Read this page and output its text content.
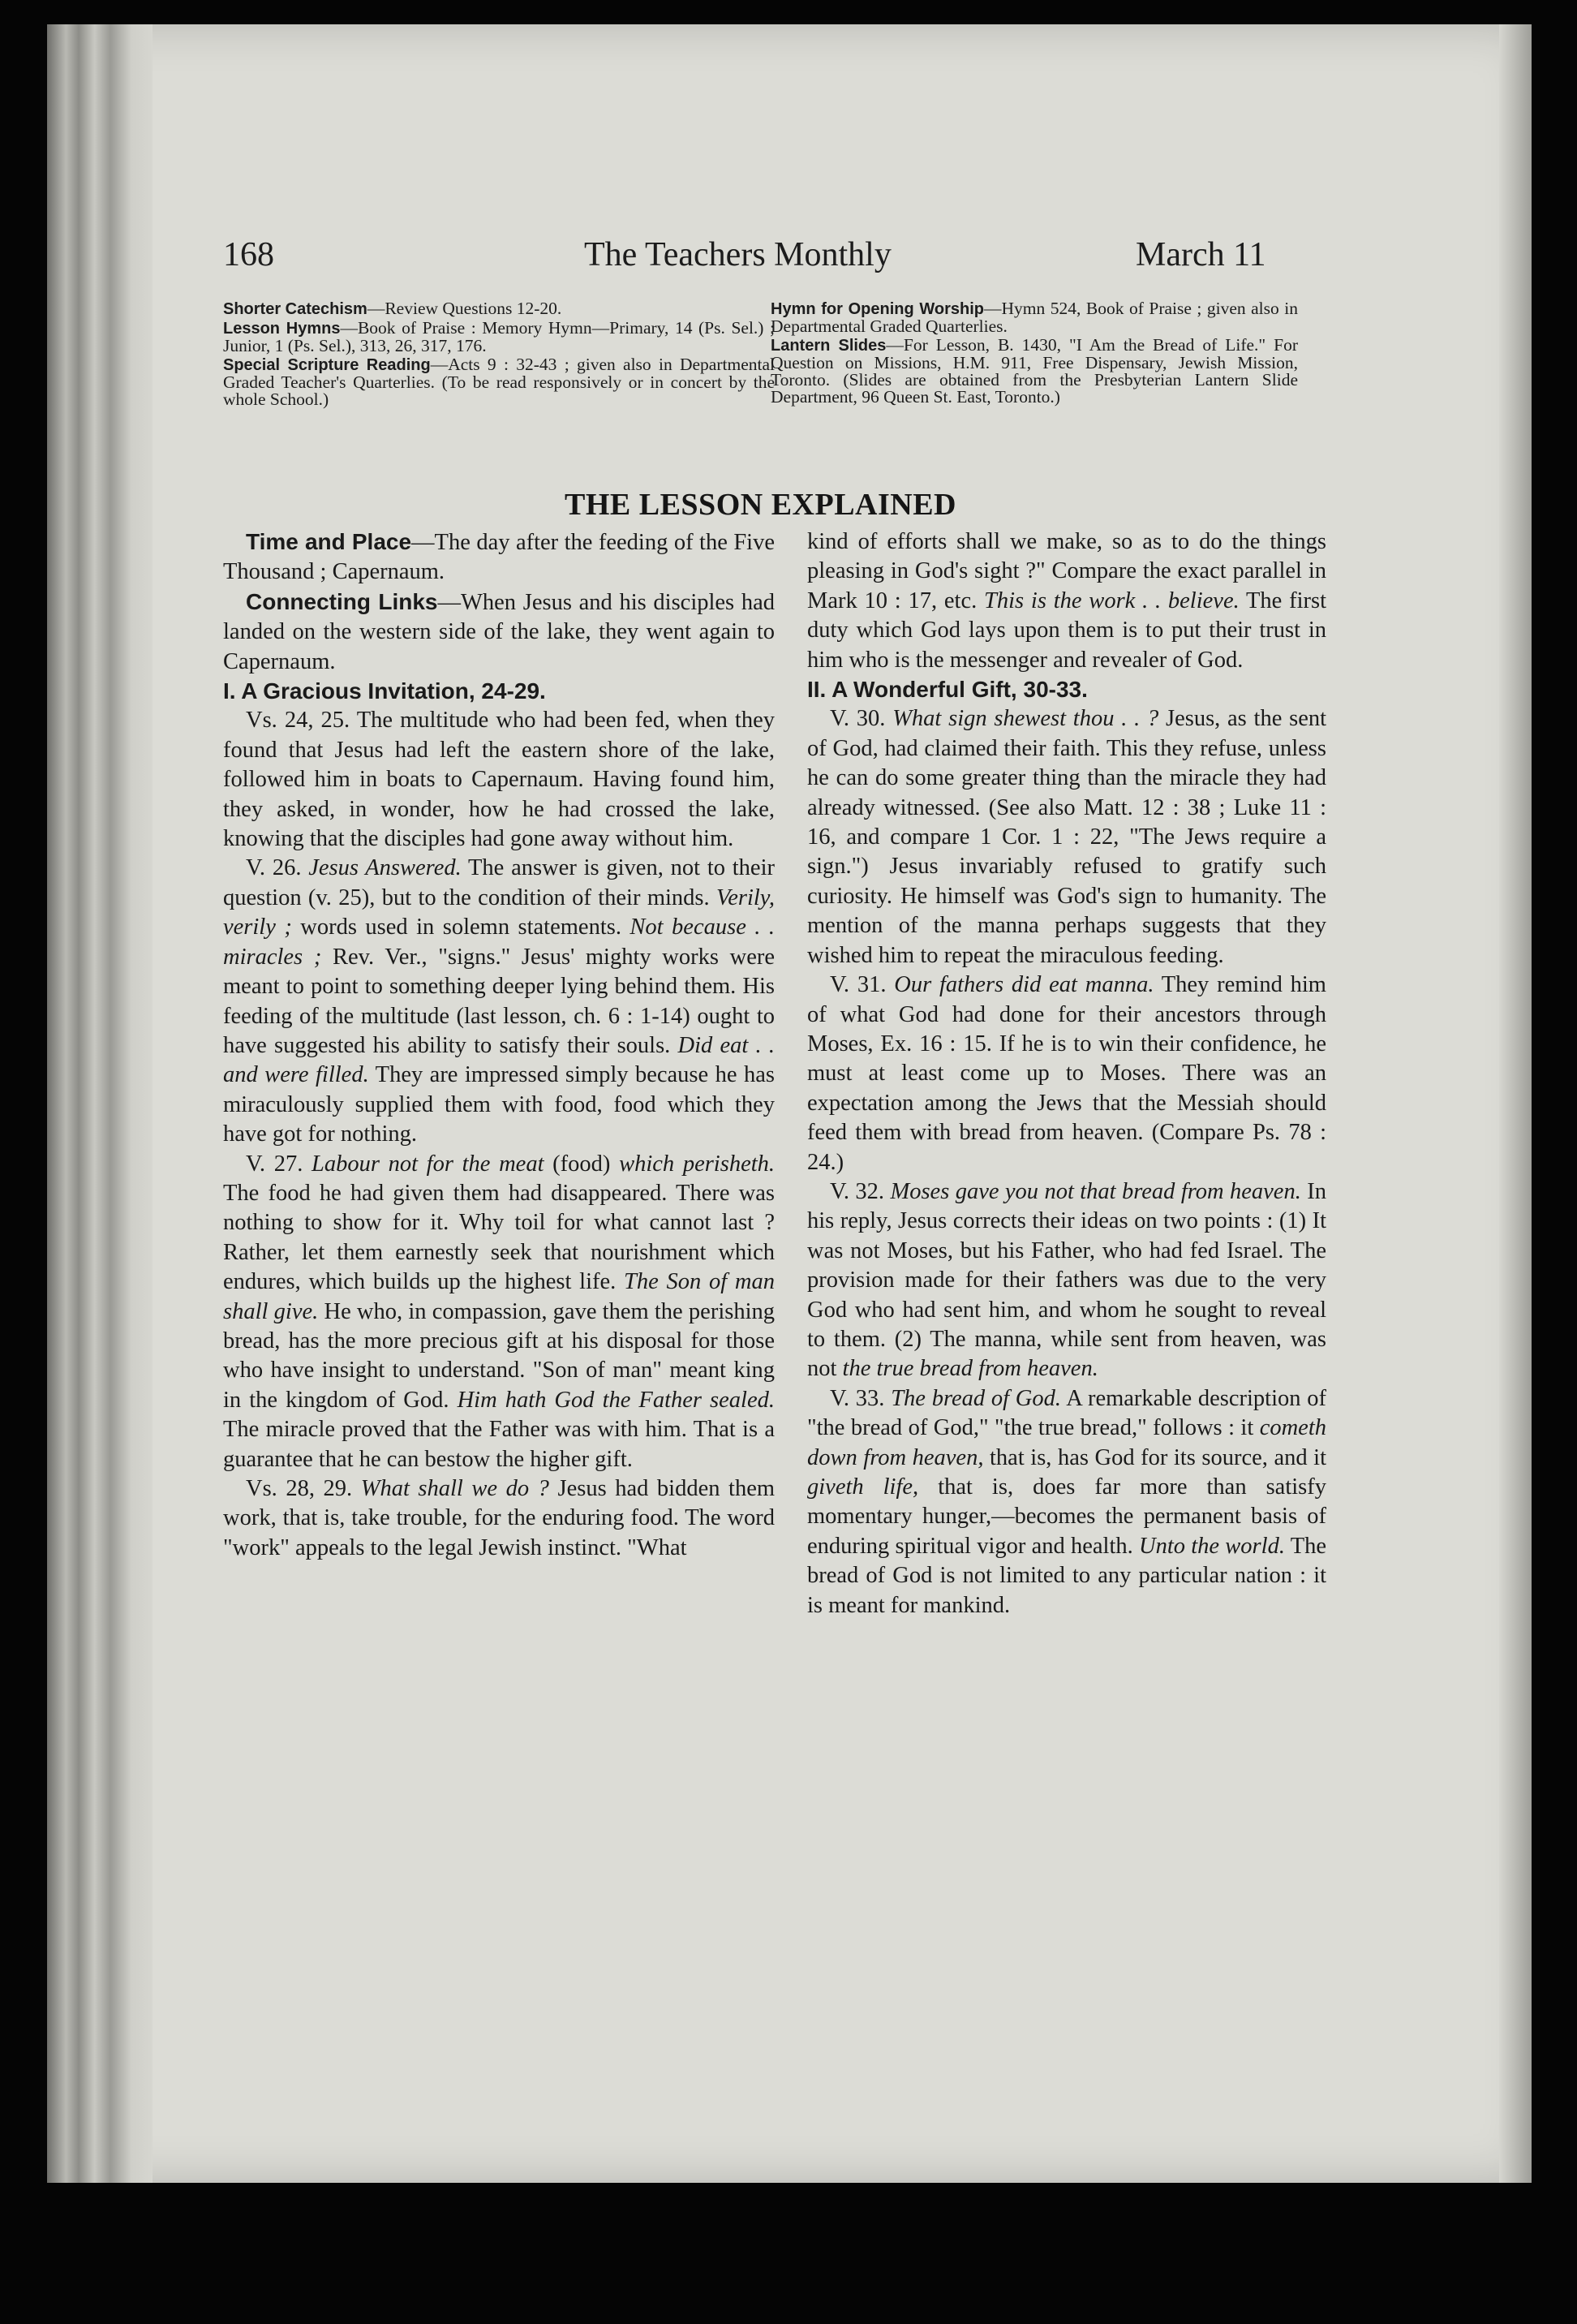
168	The Teachers Monthly	March 11

Shorter Catechism—Review Questions 12-20.

Lesson Hymns—Book of Praise : Memory Hymn—Primary, 14 (Ps. Sel.) ; Junior, 1 (Ps. Sel.), 313, 26, 317, 176.

Special Scripture Reading—Acts 9 : 32-43 ; given also in Departmental Graded Teacher's Quarterlies. (To be read responsively or in concert by the whole School.)

Hymn for Opening Worship—Hymn 524, Book of Praise ; given also in Departmental Graded Quarterlies.

Lantern Slides—For Lesson, B. 1430, "I Am the Bread of Life." For Question on Missions, H.M. 911, Free Dispensary, Jewish Mission, Toronto. (Slides are obtained from the Presbyterian Lantern Slide Department, 96 Queen St. East, Toronto.)

THE LESSON EXPLAINED

Time and Place—The day after the feeding of the Five Thousand ; Capernaum.

Connecting Links—When Jesus and his disciples had landed on the western side of the lake, they went again to Capernaum.

I. A Gracious Invitation, 24-29.

Vs. 24, 25. The multitude who had been fed, when they found that Jesus had left the eastern shore of the lake, followed him in boats to Capernaum. Having found him, they asked, in wonder, how he had crossed the lake, knowing that the disciples had gone away without him.

V. 26. Jesus Answered. The answer is given, not to their question (v. 25), but to the condition of their minds. Verily, verily ; words used in solemn statements. Not because . . miracles ; Rev. Ver., "signs." Jesus' mighty works were meant to point to something deeper lying behind them. His feeding of the multitude (last lesson, ch. 6 : 1-14) ought to have suggested his ability to satisfy their souls. Did eat . . and were filled. They are impressed simply because he has miraculously supplied them with food, food which they have got for nothing.

V. 27. Labour not for the meat (food) which perisheth. The food he had given them had disappeared. There was nothing to show for it. Why toil for what cannot last ? Rather, let them earnestly seek that nourishment which endures, which builds up the highest life. The Son of man shall give. He who, in compassion, gave them the perishing bread, has the more precious gift at his disposal for those who have insight to understand. "Son of man" meant king in the kingdom of God. Him hath God the Father sealed. The miracle proved that the Father was with him. That is a guarantee that he can bestow the higher gift.

Vs. 28, 29. What shall we do ? Jesus had bidden them work, that is, take trouble, for the enduring food. The word "work" appeals to the legal Jewish instinct. "What

kind of efforts shall we make, so as to do the things pleasing in God's sight ?" Compare the exact parallel in Mark 10 : 17, etc. This is the work . . believe. The first duty which God lays upon them is to put their trust in him who is the messenger and revealer of God.

II. A Wonderful Gift, 30-33.

V. 30. What sign shewest thou . . ? Jesus, as the sent of God, had claimed their faith. This they refuse, unless he can do some greater thing than the miracle they had already witnessed. (See also Matt. 12 : 38 ; Luke 11 : 16, and compare 1 Cor. 1 : 22, "The Jews require a sign.") Jesus invariably refused to gratify such curiosity. He himself was God's sign to humanity. The mention of the manna perhaps suggests that they wished him to repeat the miraculous feeding.

V. 31. Our fathers did eat manna. They remind him of what God had done for their ancestors through Moses, Ex. 16 : 15. If he is to win their confidence, he must at least come up to Moses. There was an expectation among the Jews that the Messiah should feed them with bread from heaven. (Compare Ps. 78 : 24.)

V. 32. Moses gave you not that bread from heaven. In his reply, Jesus corrects their ideas on two points : (1) It was not Moses, but his Father, who had fed Israel. The provision made for their fathers was due to the very God who had sent him, and whom he sought to reveal to them. (2) The manna, while sent from heaven, was not the true bread from heaven.

V. 33. The bread of God. A remarkable description of "the bread of God," "the true bread," follows : it cometh down from heaven, that is, has God for its source, and it giveth life, that is, does far more than satisfy momentary hunger,—becomes the permanent basis of enduring spiritual vigor and health. Unto the world. The bread of God is not limited to any particular nation : it is meant for mankind.
